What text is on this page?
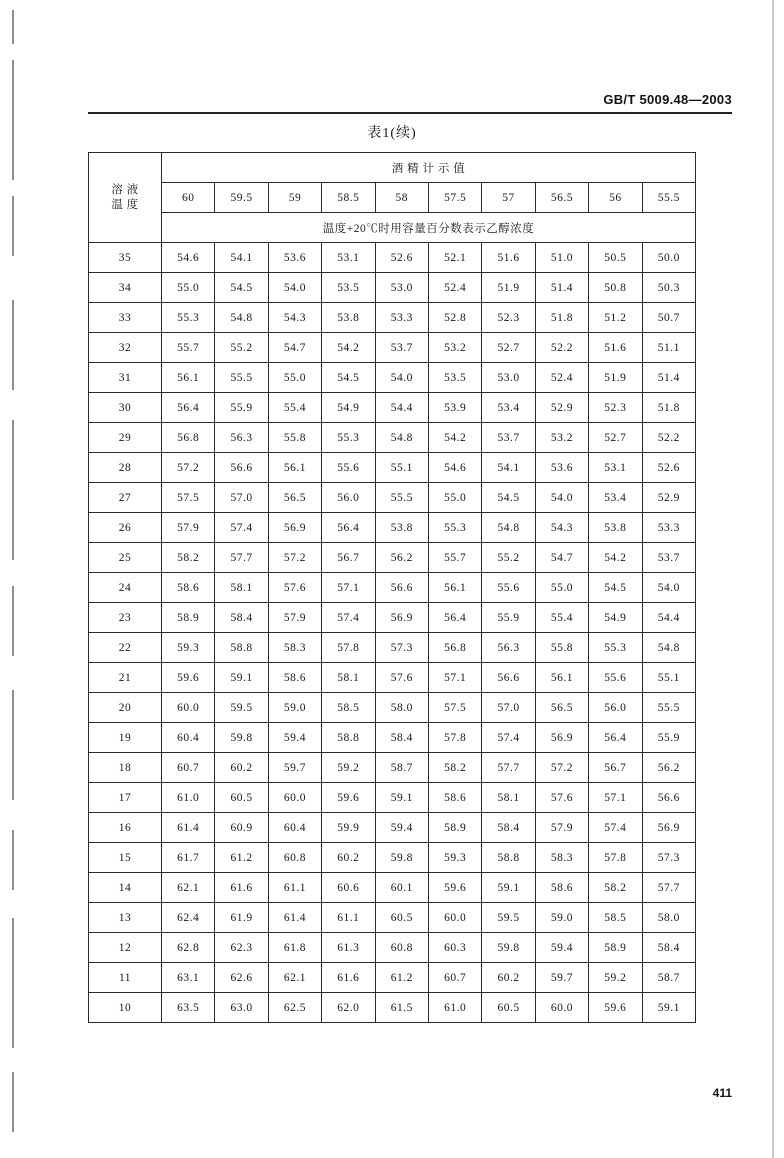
GB/T 5009.48—2003
表1(续)
溶 液
温 度	酒 精 计 示 值									
	60	59.5	59	58.5	58	57.5	57	56.5	56	55.5
	温度+20℃时用容量百分数表示乙醇浓度									
35	54.6	54.1	53.6	53.1	52.6	52.1	51.6	51.0	50.5	50.0
34	55.0	54.5	54.0	53.5	53.0	52.4	51.9	51.4	50.8	50.3
33	55.3	54.8	54.3	53.8	53.3	52.8	52.3	51.8	51.2	50.7
32	55.7	55.2	54.7	54.2	53.7	53.2	52.7	52.2	51.6	51.1
31	56.1	55.5	55.0	54.5	54.0	53.5	53.0	52.4	51.9	51.4
30	56.4	55.9	55.4	54.9	54.4	53.9	53.4	52.9	52.3	51.8
29	56.8	56.3	55.8	55.3	54.8	54.2	53.7	53.2	52.7	52.2
28	57.2	56.6	56.1	55.6	55.1	54.6	54.1	53.6	53.1	52.6
27	57.5	57.0	56.5	56.0	55.5	55.0	54.5	54.0	53.4	52.9
26	57.9	57.4	56.9	56.4	53.8	55.3	54.8	54.3	53.8	53.3
25	58.2	57.7	57.2	56.7	56.2	55.7	55.2	54.7	54.2	53.7
24	58.6	58.1	57.6	57.1	56.6	56.1	55.6	55.0	54.5	54.0
23	58.9	58.4	57.9	57.4	56.9	56.4	55.9	55.4	54.9	54.4
22	59.3	58.8	58.3	57.8	57.3	56.8	56.3	55.8	55.3	54.8
21	59.6	59.1	58.6	58.1	57.6	57.1	56.6	56.1	55.6	55.1
20	60.0	59.5	59.0	58.5	58.0	57.5	57.0	56.5	56.0	55.5
19	60.4	59.8	59.4	58.8	58.4	57.8	57.4	56.9	56.4	55.9
18	60.7	60.2	59.7	59.2	58.7	58.2	57.7	57.2	56.7	56.2
17	61.0	60.5	60.0	59.6	59.1	58.6	58.1	57.6	57.1	56.6
16	61.4	60.9	60.4	59.9	59.4	58.9	58.4	57.9	57.4	56.9
15	61.7	61.2	60.8	60.2	59.8	59.3	58.8	58.3	57.8	57.3
14	62.1	61.6	61.1	60.6	60.1	59.6	59.1	58.6	58.2	57.7
13	62.4	61.9	61.4	61.1	60.5	60.0	59.5	59.0	58.5	58.0
12	62.8	62.3	61.8	61.3	60.8	60.3	59.8	59.4	58.9	58.4
11	63.1	62.6	62.1	61.6	61.2	60.7	60.2	59.7	59.2	58.7
10	63.5	63.0	62.5	62.0	61.5	61.0	60.5	60.0	59.6	59.1
411
